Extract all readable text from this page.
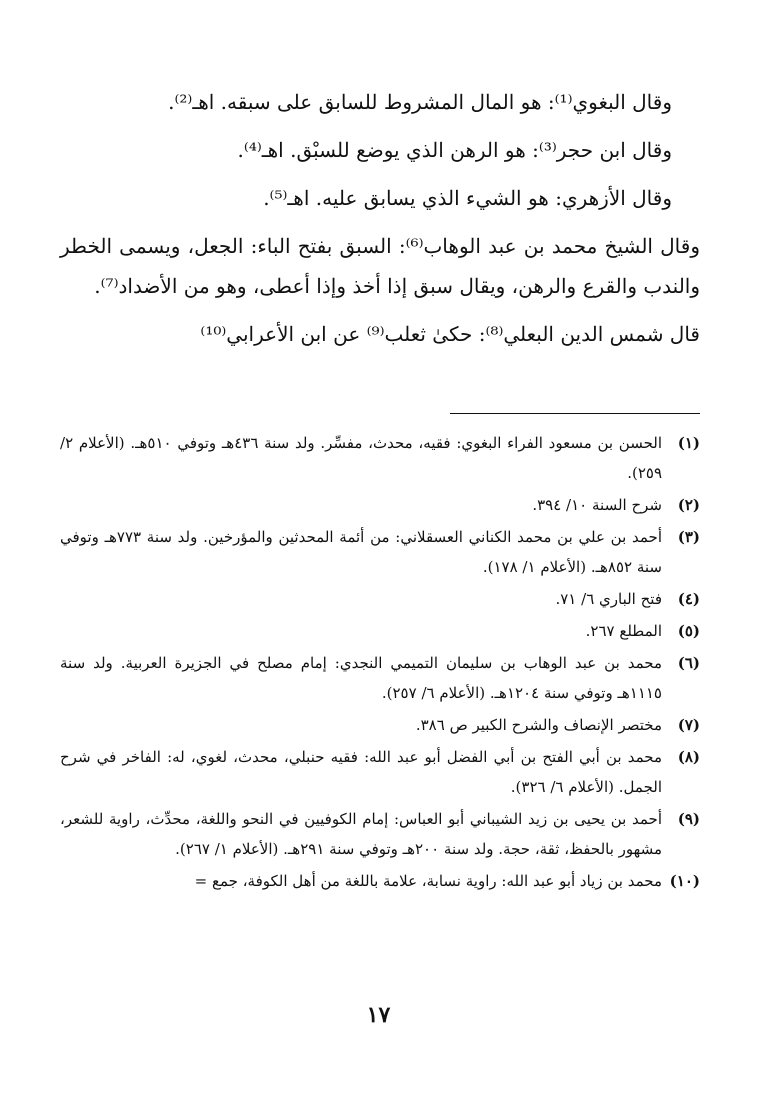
وقال البغوي⁽¹⁾: هو المال المشروط للسابق على سبقه. اهـ⁽²⁾.

وقال ابن حجر⁽³⁾: هو الرهن الذي يوضع للسبْق. اهـ⁽⁴⁾.

وقال الأزهري: هو الشيء الذي يسابق عليه. اهـ⁽⁵⁾.

وقال الشيخ محمد بن عبد الوهاب⁽⁶⁾: السبق بفتح الباء: الجعل، ويسمى الخطر والندب والقرع والرهن، ويقال سبق إذا أخذ وإذا أعطى، وهو من الأضداد⁽⁷⁾.

قال شمس الدين البعلي⁽⁸⁾: حكىٰ ثعلب⁽⁹⁾ عن ابن الأعرابي⁽¹⁰⁾

(١)
الحسن بن مسعود الفراء البغوي: فقيه، محدث، مفسِّر. ولد سنة ٤٣٦هـ وتوفي ٥١٠هـ. (الأعلام ٢/ ٢٥٩).
(٢)
شرح السنة ١٠/ ٣٩٤.
(٣)
أحمد بن علي بن محمد الكناني العسقلاني: من أئمة المحدثين والمؤرخين. ولد سنة ٧٧٣هـ وتوفي سنة ٨٥٢هـ. (الأعلام ١/ ١٧٨).
(٤)
فتح الباري ٦/ ٧١.
(٥)
المطلع ٢٦٧.
(٦)
محمد بن عبد الوهاب بن سليمان التميمي النجدي: إمام مصلح في الجزيرة العربية. ولد سنة ١١١٥هـ وتوفي سنة ١٢٠٤هـ. (الأعلام ٦/ ٢٥٧).
(٧)
مختصر الإنصاف والشرح الكبير ص ٣٨٦.
(٨)
محمد بن أبي الفتح بن أبي الفضل أبو عبد الله: فقيه حنبلي، محدث، لغوي، له: الفاخر في شرح الجمل. (الأعلام ٦/ ٣٢٦).
(٩)
أحمد بن يحيى بن زيد الشيباني أبو العباس: إمام الكوفيين في النحو واللغة، محدِّث، راوية للشعر، مشهور بالحفظ، ثقة، حجة. ولد سنة ٢٠٠هـ وتوفي سنة ٢٩١هـ. (الأعلام ١/ ٢٦٧).
(١٠)
محمد بن زياد أبو عبد الله: راوية نسابة، علامة باللغة من أهل الكوفة، جمع =
١٧
